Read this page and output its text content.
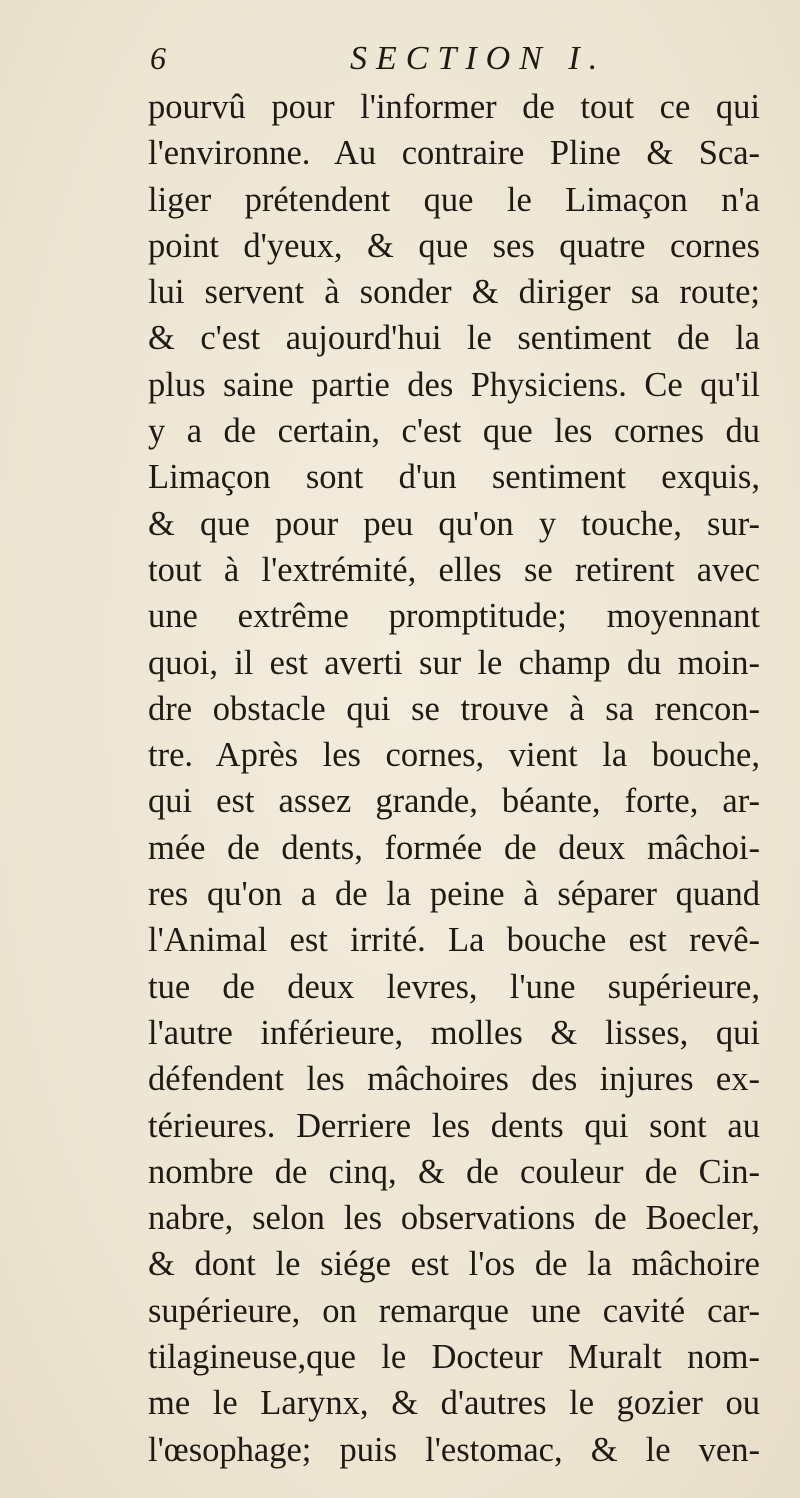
6	SECTION I.
pourvû pour l'informer de tout ce qui
l'environne. Au contraire Pline & Sca-
liger prétendent que le Limaçon n'a
point d'yeux, & que ses quatre cornes
lui servent à sonder & diriger sa route;
& c'est aujourd'hui le sentiment de la
plus saine partie des Physiciens. Ce qu'il
y a de certain, c'est que les cornes du
Limaçon sont d'un sentiment exquis,
& que pour peu qu'on y touche, sur-
tout à l'extrémité, elles se retirent avec
une extrême promptitude; moyennant
quoi, il est averti sur le champ du moin-
dre obstacle qui se trouve à sa rencon-
tre. Après les cornes, vient la bouche,
qui est assez grande, béante, forte, ar-
mée de dents, formée de deux mâchoi-
res qu'on a de la peine à séparer quand
l'Animal est irrité. La bouche est revê-
tue de deux levres, l'une supérieure,
l'autre inférieure, molles & lisses, qui
défendent les mâchoires des injures ex-
térieures. Derriere les dents qui sont au
nombre de cinq, & de couleur de Cin-
nabre, selon les observations de Boecler,
& dont le siége est l'os de la mâchoire
supérieure, on remarque une cavité car-
tilagineuse,que le Docteur Muralt nom-
me le Larynx, & d'autres le gozier ou
l'œsophage; puis l'estomac, & le ven-
